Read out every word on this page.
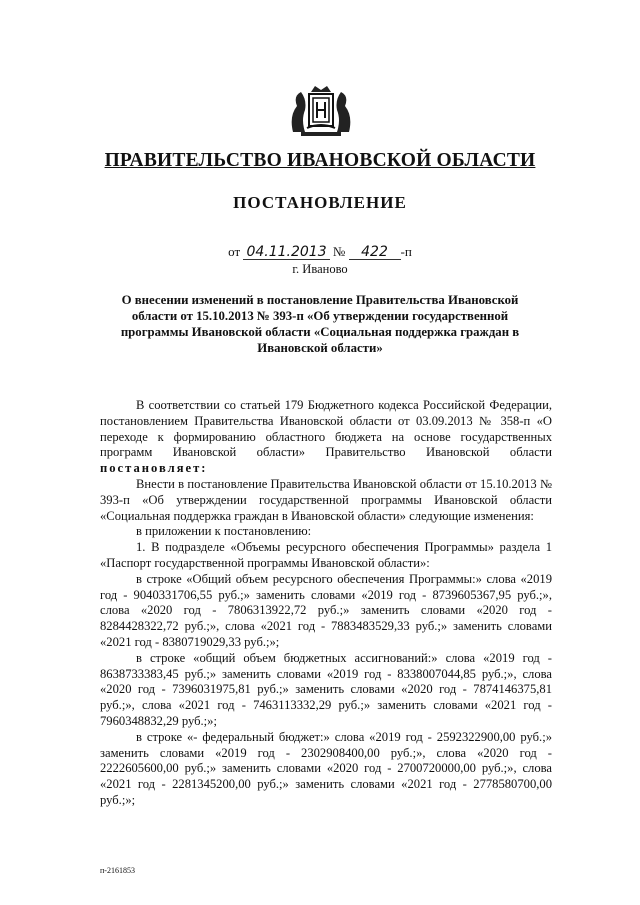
ПРАВИТЕЛЬСТВО ИВАНОВСКОЙ ОБЛАСТИ
ПОСТАНОВЛЕНИЕ
от 04.11.2013 № 422 -п
г. Иваново
О внесении изменений в постановление Правительства Ивановской области от 15.10.2013 № 393-п «Об утверждении государственной программы Ивановской области «Социальная поддержка граждан в Ивановской области»

В соответствии со статьей 179 Бюджетного кодекса Российской Федерации, постановлением Правительства Ивановской области от 03.09.2013 № 358-п «О переходе к формированию областного бюджета на основе государственных программ Ивановской области» Правительство Ивановской области постановляет:

Внести в постановление Правительства Ивановской области от 15.10.2013 № 393-п «Об утверждении государственной программы Ивановской области «Социальная поддержка граждан в Ивановской области» следующие изменения:

в приложении к постановлению:

1. В подразделе «Объемы ресурсного обеспечения Программы» раздела 1 «Паспорт государственной программы Ивановской области»:

в строке «Общий объем ресурсного обеспечения Программы:» слова «2019 год - 9040331706,55 руб.;» заменить словами «2019 год - 8739605367,95 руб.;», слова «2020 год - 7806313922,72 руб.;» заменить словами «2020 год - 8284428322,72 руб.;», слова «2021 год - 7883483529,33 руб.;» заменить словами «2021 год - 8380719029,33 руб.;»;

в строке «общий объем бюджетных ассигнований:» слова «2019 год - 8638733383,45 руб.;» заменить словами «2019 год - 8338007044,85 руб.;», слова «2020 год - 7396031975,81 руб.;» заменить словами «2020 год - 7874146375,81 руб.;», слова «2021 год - 7463113332,29 руб.;» заменить словами «2021 год - 7960348832,29 руб.;»;

в строке «- федеральный бюджет:» слова «2019 год - 2592322900,00 руб.;» заменить словами «2019 год - 2302908400,00 руб.;», слова «2020 год - 2222605600,00 руб.;» заменить словами «2020 год - 2700720000,00 руб.;», слова «2021 год - 2281345200,00 руб.;» заменить словами «2021 год - 2778580700,00 руб.;»;

п-2161853
